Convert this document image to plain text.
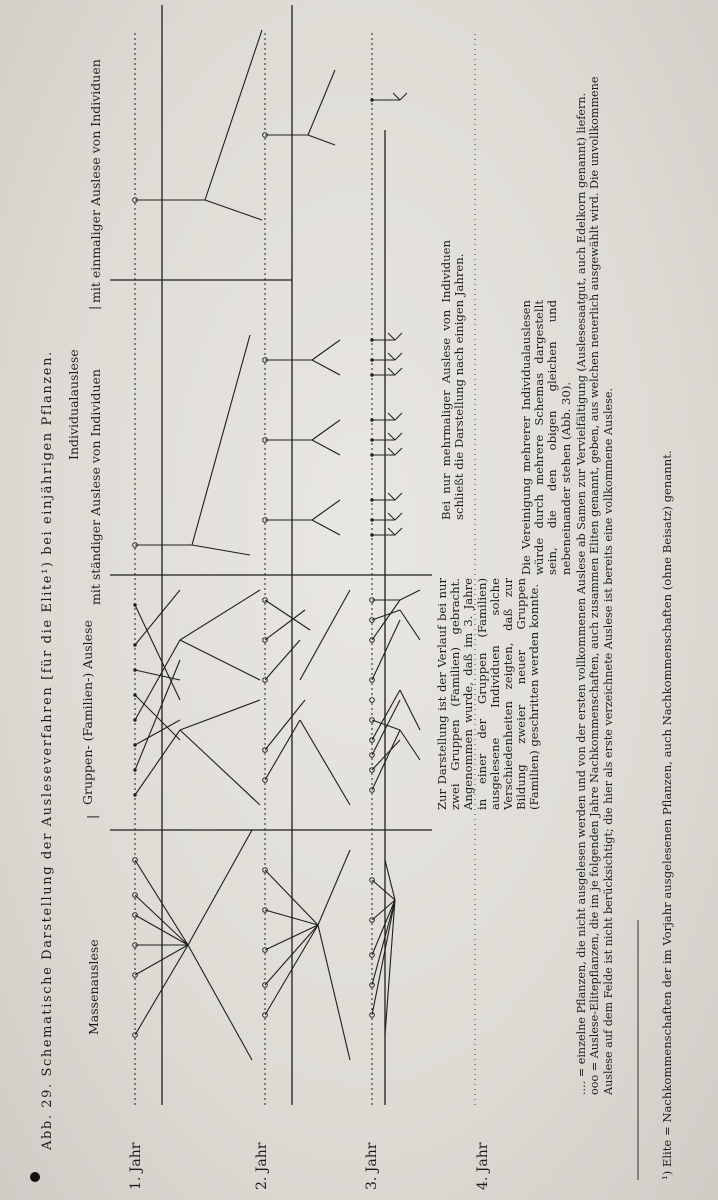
Abb. 29. Schematische Darstellung der Ausleseverfahren [für die Elite¹) bei einjährigen Pflanzen. Massenauslese
Gruppen- (Familien-) Auslese
Individualauslese mit ständiger Auslese von Individuen
mit einmaliger Auslese von Individuen
|
|
1. Jahr	2. Jahr	3. Jahr	4. Jahr
Zur Darstellung ist der Verlauf bei nur zwei Gruppen (Familien) gebracht. Angenommen wurde, daß im 3. Jahre in einer der Gruppen (Familien) ausgelesene Individuen solche Verschiedenheiten zeigten, daß zur Bildung zweier neuer Gruppen (Familien) geschritten werden konnte.
Bei nur mehrmaliger Auslese von Individuen schließt die Darstellung nach einigen Jahren.	Die Vereinigung mehrerer Individualauslesen würde durch mehrere Schemas dargestellt sein, die den obigen gleichen und nebeneinander stehen (Abb. 30).
.... = einzelne Pflanzen, die nicht ausgelesen werden und von der ersten vollkommenen Auslese ab Samen zur Vervielfältigung (Auslesesaatgut, auch Edelkorn genannt) liefern.
ooo = Auslese-Elitepflanzen, die im je folgenden Jahre Nachkommenschaften, auch zusammen Eliten genannt, geben, aus welchen neuerlich ausgewählt wird. Die unvollkommene Auslese auf dem Felde ist nicht berücksichtigt; die hier als erste verzeichnete Auslese ist bereits eine vollkommene Auslese.	¹) Elite = Nachkommenschaften der im Vorjahr ausgelesenen Pflanzen, auch Nachkommenschaften (ohne Beisatz) genannt.
